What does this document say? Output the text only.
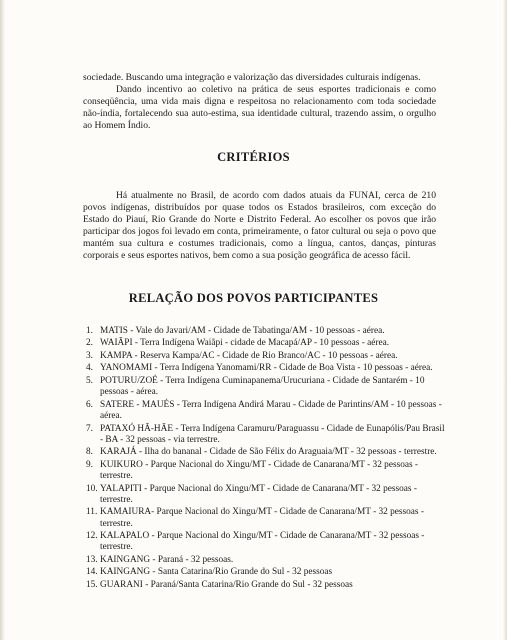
sociedade. Buscando uma integração e valorização das diversidades culturais indígenas.

Dando incentivo ao coletivo na prática de seus esportes tradicionais e como conseqüência, uma vida mais digna e respeitosa no relacionamento com toda sociedade não-índia, fortalecendo sua auto-estima, sua identidade cultural, trazendo assim, o orgulho ao Homem Índio.

CRITÉRIOS

Há atualmente no Brasil, de acordo com dados atuais da FUNAI, cerca de 210 povos indígenas, distribuídos por quase todos os Estados brasileiros, com exceção do Estado do Piauí, Rio Grande do Norte e Distrito Federal. Ao escolher os povos que irão participar dos jogos foi levado em conta, primeiramente, o fator cultural ou seja o povo que mantém sua cultura e costumes tradicionais, como a língua, cantos, danças, pinturas corporais e seus esportes nativos, bem como a sua posição geográfica de acesso fácil.

RELAÇÃO DOS POVOS PARTICIPANTES
1. MATIS - Vale do Javari/AM - Cidade de Tabatinga/AM - 10 pessoas - aérea.
2. WAIÃPI - Terra Indígena Waiãpi - cidade de Macapá/AP - 10 pessoas - aérea.
3. KAMPA - Reserva Kampa/AC - Cidade de Rio Branco/AC - 10 pessoas - aérea.
4. YANOMAMI - Terra Indígena Yanomami/RR - Cidade de Boa Vista - 10 pessoas - aérea.
5. POTURU/ZOÉ - Terra Indígena Cuminapanema/Urucuriana - Cidade de Santarém - 10 pessoas - aérea.
6. SATERE - MAUÉS - Terra Indígena Andirá Marau - Cidade de Parintins/AM - 10 pessoas - aérea.
7. PATAXÓ HÃ-HÃE - Terra Indígena Caramuru/Paraguassu - Cidade de Eunapólis/Pau Brasil - BA - 32 pessoas - via terrestre.
8. KARAJÁ - Ilha do bananal - Cidade de São Félix do Araguaia/MT - 32 pessoas - terrestre.
9. KUIKURO - Parque Nacional do Xingu/MT - Cidade de Canarana/MT - 32 pessoas - terrestre.
10. YALAPITI - Parque Nacional do Xingu/MT - Cidade de Canarana/MT - 32 pessoas - terrestre.
11. KAMAIURA- Parque Nacional do Xingu/MT - Cidade de Canarana/MT - 32 pessoas - terrestre.
12. KALAPALO - Parque Nacional do Xingu/MT - Cidade de Canarana/MT - 32 pessoas - terrestre.
13. KAINGANG - Paraná - 32 pessoas.
14. KAINGANG - Santa Catarina/Rio Grande do Sul - 32 pessoas
15. GUARANI - Paraná/Santa Catarina/Rio Grande do Sul - 32 pessoas
